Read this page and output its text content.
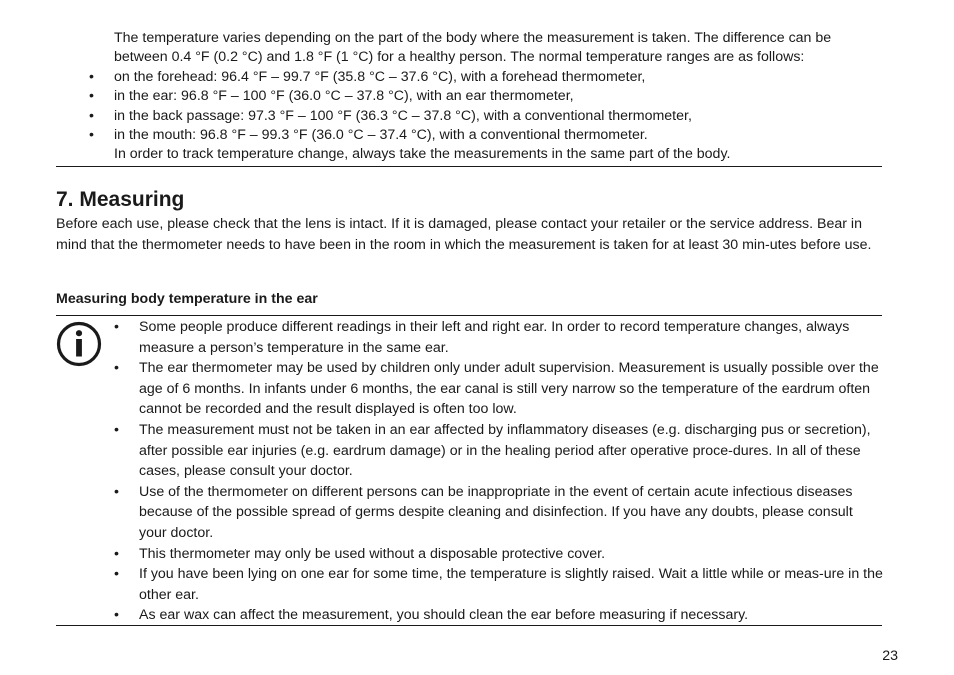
The temperature varies depending on the part of the body where the measurement is taken. The difference can be between 0.4 °F (0.2 °C) and 1.8 °F (1 °C) for a healthy person. The normal temperature ranges are as follows:

•	on the forehead: 96.4 °F – 99.7 °F (35.8 °C – 37.6 °C), with a forehead thermometer,
•	in the ear: 96.8 °F – 100 °F (36.0 °C – 37.8 °C), with an ear thermometer,
•	in the back passage: 97.3 °F – 100 °F (36.3 °C – 37.8 °C), with a conventional thermometer,
•	in the mouth: 96.8 °F – 99.3 °F (36.0 °C – 37.4 °C), with a conventional thermometer.

In order to track temperature change, always take the measurements in the same part of the body.

7. Measuring

Before each use, please check that the lens is intact. If it is damaged, please contact your retailer or the service address. Bear in mind that the thermometer needs to have been in the room in which the measurement is taken for at least 30 min-utes before use.

Measuring body temperature in the ear
•	Some people produce different readings in their left and right ear. In order to record temperature changes, always measure a person’s temperature in the same ear.
•	The ear thermometer may be used by children only under adult supervision. Measurement is usually possible over the age of 6 months. In infants under 6 months, the ear canal is still very narrow so the temperature of the eardrum often cannot be recorded and the result displayed is often too low.
•	The measurement must not be taken in an ear affected by inflammatory diseases (e.g. discharging pus or secretion), after possible ear injuries (e.g. eardrum damage) or in the healing period after operative proce-dures. In all of these cases, please consult your doctor.
•	Use of the thermometer on different persons can be inappropriate in the event of certain acute infectious diseases because of the possible spread of germs despite cleaning and disinfection. If you have any doubts, please consult your doctor.
•	This thermometer may only be used without a disposable protective cover.
•	If you have been lying on one ear for some time, the temperature is slightly raised. Wait a little while or meas-ure in the other ear.
•	As ear wax can affect the measurement, you should clean the ear before measuring if necessary.
23
